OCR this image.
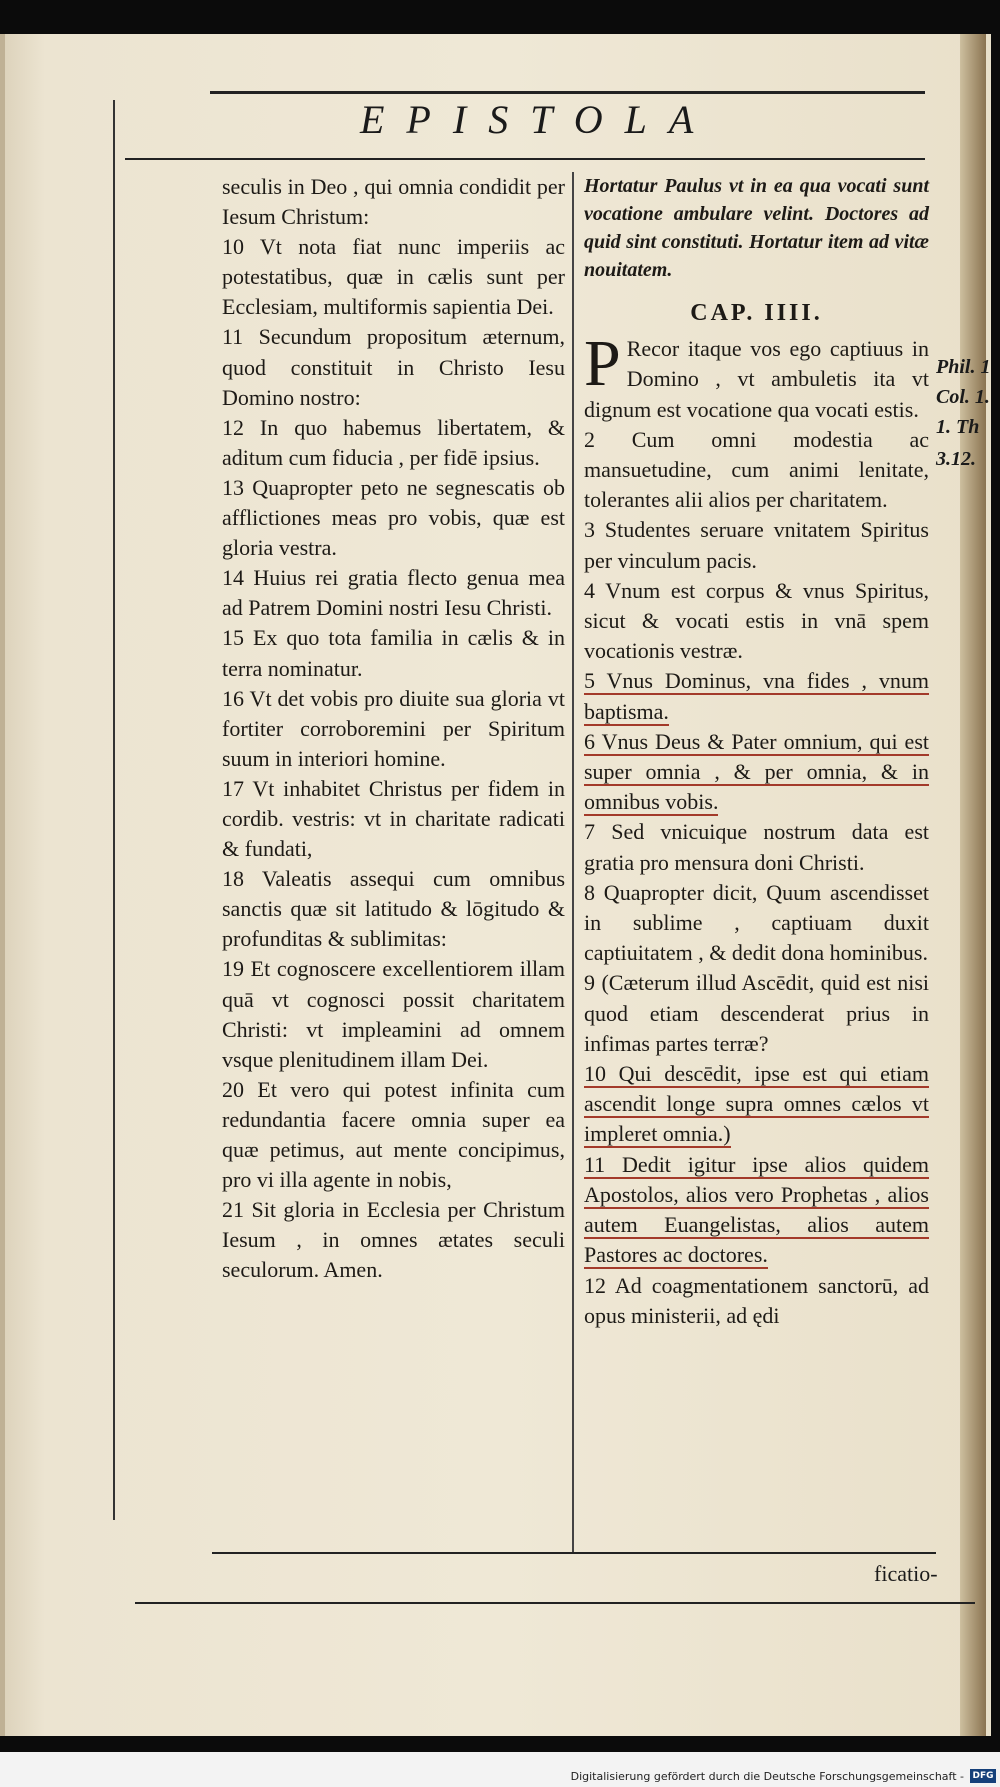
EPISTOLA

seculis in Deo , qui omnia condidit per Iesum Christum:

10 Vt nota fiat nunc imperiis ac potestatibus, quæ in cælis sunt per Ecclesiam, multiformis sapientia Dei.

11 Secundum propositum æternum, quod constituit in Christo Iesu Domino nostro:

12 In quo habemus libertatem, & aditum cum fiducia , per fidē ipsius.

13 Quapropter peto ne segnescatis ob afflictiones meas pro vobis, quæ est gloria vestra.

14 Huius rei gratia flecto genua mea ad Patrem Domini nostri Iesu Christi.

15 Ex quo tota familia in cælis & in terra nominatur.

16 Vt det vobis pro diuite sua gloria vt fortiter corroboremini per Spiritum suum in interiori homine.

17 Vt inhabitet Christus per fidem in cordib. vestris: vt in charitate radicati & fundati,

18 Valeatis assequi cum omnibus sanctis quæ sit latitudo & lōgitudo & profunditas & sublimitas:

19 Et cognoscere excellentiorem illam quā vt cognosci possit charitatem Christi: vt impleamini ad omnem vsque plenitudinem illam Dei.

20 Et vero qui potest infinita cum redundantia facere omnia super ea quæ petimus, aut mente concipimus, pro vi illa agente in nobis,

21 Sit gloria in Ecclesia per Christum Iesum , in omnes ætates seculi seculorum. Amen.

Hortatur Paulus vt in ea qua vocati sunt vocatione ambulare velint. Doctores ad quid sint constituti. Hortatur item ad vitæ nouitatem.

CAP. IIII.

P Recor itaque vos ego captiuus in Domino , vt ambuletis ita vt dignum est vocatione qua vocati estis.

2 Cum omni modestia ac mansuetudine, cum animi lenitate, tolerantes alii alios per charitatem.

3 Studentes seruare vnitatem Spiritus per vinculum pacis.

4 Vnum est corpus & vnus Spiritus, sicut & vocati estis in vnā spem vocationis vestræ.

5 Vnus Dominus, vna fides , vnum baptisma.

6 Vnus Deus & Pater omnium, qui est super omnia , & per omnia, & in omnibus vobis.

7 Sed vnicuique nostrum data est gratia pro mensura doni Christi.

8 Quapropter dicit, Quum ascendisset in sublime , captiuam duxit captiuitatem , & dedit dona hominibus.

9 (Cæterum illud Ascēdit, quid est nisi quod etiam descenderat prius in infimas partes terræ?

10 Qui descēdit, ipse est qui etiam ascendit longe supra omnes cælos vt impleret omnia.)

11 Dedit igitur ipse alios quidem Apostolos, alios vero Prophetas , alios autem Euangelistas, alios autem Pastores ac doctores.

12 Ad coagmentationem sanctorū, ad opus ministerii, ad ędi

Phil. 1
Col. 1.
1. Th
3.12.
ficatio-
Digitalisierung gefördert durch die Deutsche Forschungsgemeinschaft - DFG
